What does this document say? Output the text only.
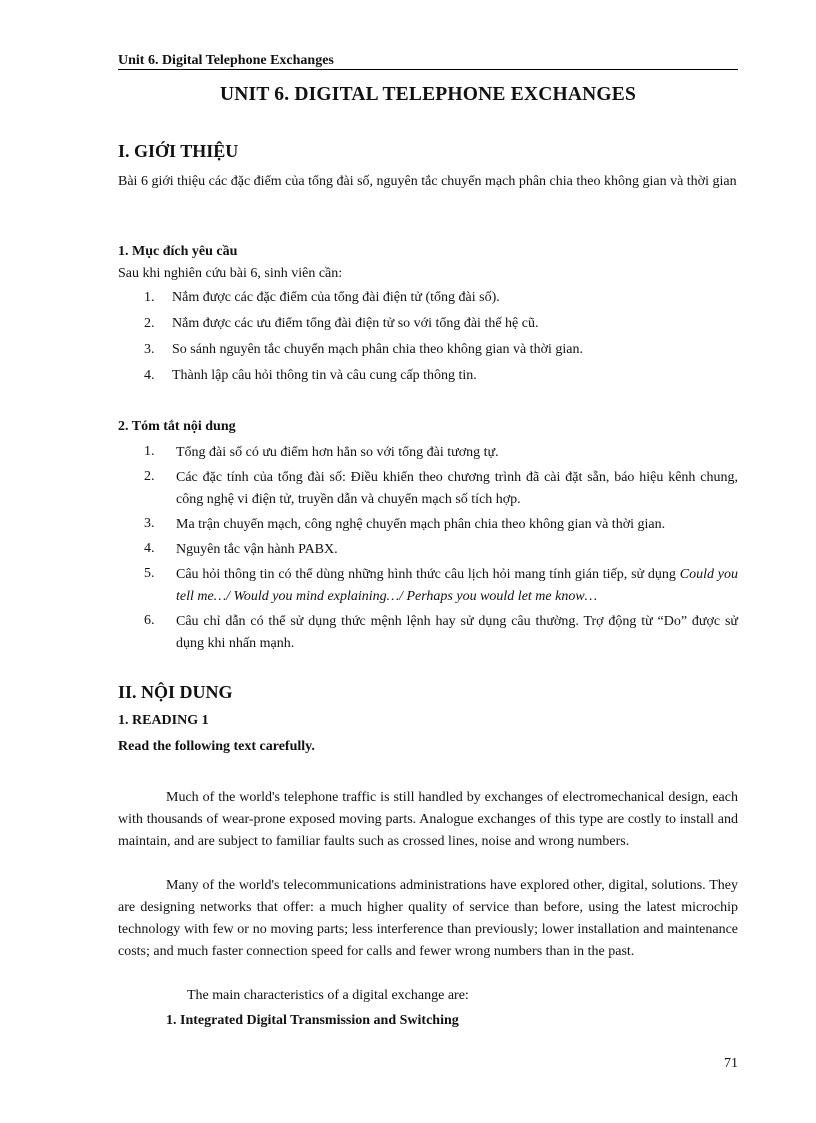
Unit 6. Digital Telephone Exchanges
UNIT 6. DIGITAL TELEPHONE EXCHANGES
I. GIỚI THIỆU
Bài 6 giới thiệu các đặc điểm của tổng đài số, nguyên tắc chuyển mạch phân chia theo không gian và thời gian
1. Mục đích yêu cầu
Sau khi nghiên cứu bài 6, sinh viên cần:
1. Nắm được các đặc điểm của tổng đài điện tử (tổng đài số).
2. Nắm được các ưu điểm tổng đài điện tử so với tổng đài thế hệ cũ.
3. So sánh nguyên tắc chuyển mạch phân chia theo không gian và thời gian.
4. Thành lập câu hỏi thông tin và câu cung cấp thông tin.
2. Tóm tắt nội dung
1. Tổng đài số có ưu điểm hơn hẳn so với tổng đài tương tự.
2. Các đặc tính của tổng đài số: Điều khiển theo chương trình đã cài đặt sẵn, báo hiệu kênh chung, công nghệ vi điện tử, truyền dẫn và chuyển mạch số tích hợp.
3. Ma trận chuyển mạch, công nghệ chuyển mạch phân chia theo không gian và thời gian.
4. Nguyên tắc vận hành PABX.
5. Câu hỏi thông tin có thể dùng những hình thức câu lịch hỏi mang tính gián tiếp, sử dụng Could you tell me…/ Would you mind explaining…/ Perhaps you would let me know…
6. Câu chỉ dẫn có thể sử dụng thức mệnh lệnh hay sử dụng câu thường. Trợ động từ “Do” được sử dụng khi nhấn mạnh.
II. NỘI DUNG
1. READING 1
Read the following text carefully.
Much of the world's telephone traffic is still handled by exchanges of electromechanical design, each with thousands of wear-prone exposed moving parts. Analogue exchanges of this type are costly to install and maintain, and are subject to familiar faults such as crossed lines, noise and wrong numbers.
Many of the world's telecommunications administrations have explored other, digital, solutions. They are designing networks that offer: a much higher quality of service than before, using the latest microchip technology with few or no moving parts; less interference than previously; lower installation and maintenance costs; and much faster connection speed for calls and fewer wrong numbers than in the past.
The main characteristics of a digital exchange are:
1. Integrated Digital Transmission and Switching
71
